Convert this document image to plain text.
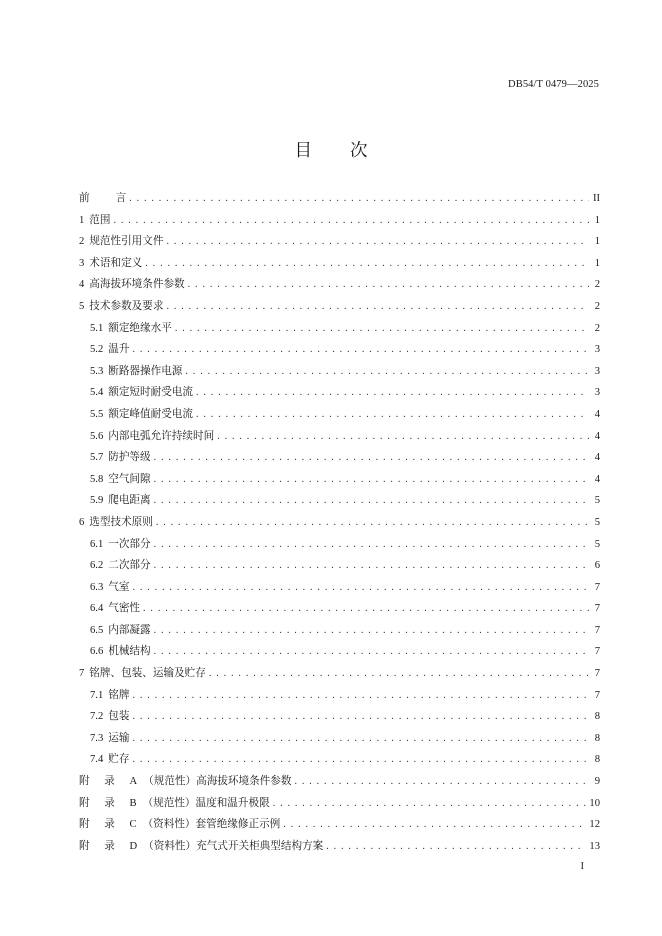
DB54/T 0479—2025
目 次
前 言 . . .	II
1 范围 . . .	1
2 规范性引用文件 . . .	1
3 术语和定义 . . .	1
4 高海拔环境条件参数 . . .	2
5 技术参数及要求 . . .	2
5.1 额定绝缘水平 . . .	2
5.2 温升 . . .	3
5.3 断路器操作电源 . . .	3
5.4 额定短时耐受电流 . . .	3
5.5 额定峰值耐受电流 . . .	4
5.6 内部电弧允许持续时间 . . .	4
5.7 防护等级 . . .	4
5.8 空气间隙 . . .	4
5.9 爬电距离 . . .	5
6 选型技术原则 . . .	5
6.1 一次部分 . . .	5
6.2 二次部分 . . .	6
6.3 气室 . . .	7
6.4 气密性 . . .	7
6.5 内部凝露 . . .	7
6.6 机械结构 . . .	7
7 铭牌、包装、运输及贮存 . . .	7
7.1 铭牌 . . .	7
7.2 包装 . . .	8
7.3 运输 . . .	8
7.4 贮存 . . .	8
附 录 A（规范性）高海拔环境条件参数 . . .	9
附 录 B（规范性）温度和温升极限 . . .	10
附 录 C（资料性）套管绝缘修正示例 . . .	12
附 录 D（资料性）充气式开关柜典型结构方案 . . .	13
I
